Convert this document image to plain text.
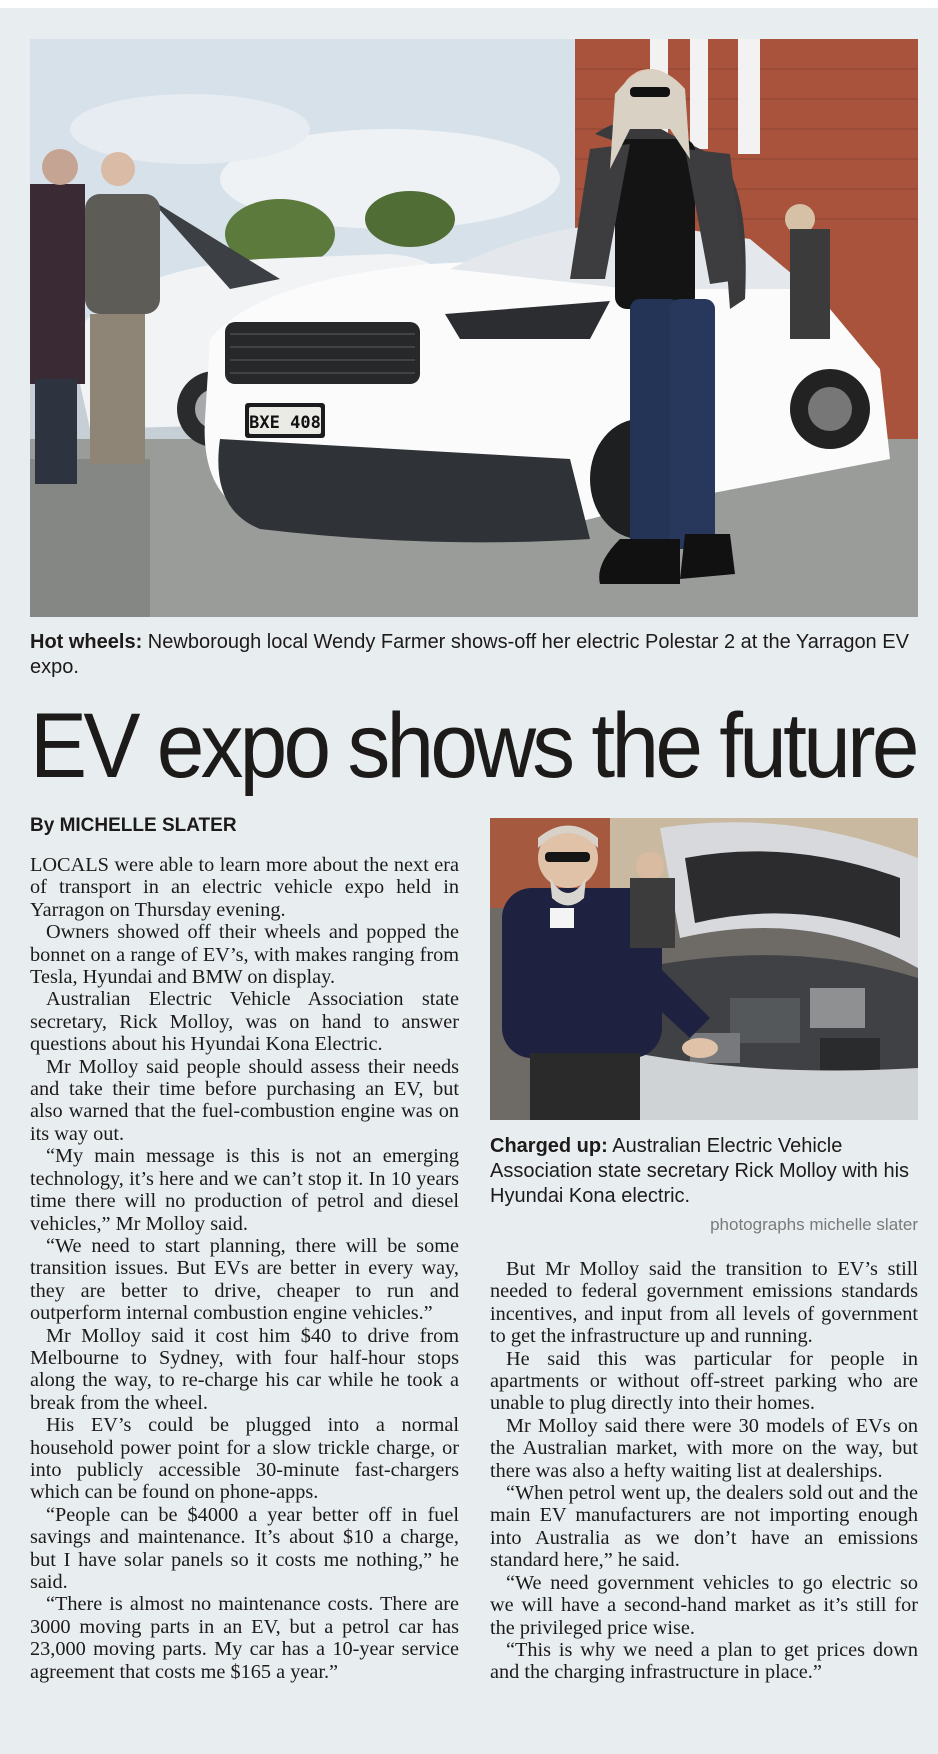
BXE 408
Hot wheels: Newborough local Wendy Farmer shows-off her electric Polestar 2 at the Yarragon EV expo.
EV expo shows the future
By MICHELLE SLATER

LOCALS were able to learn more about the next era of transport in an electric vehicle expo held in Yarragon on Thursday evening.

Owners showed off their wheels and popped the bonnet on a range of EV’s, with makes ranging from Tesla, Hyundai and BMW on display.

Australian Electric Vehicle Association state secretary, Rick Molloy, was on hand to answer questions about his Hyundai Kona Electric.

Mr Molloy said people should assess their needs and take their time before purchasing an EV, but also warned that the fuel-combustion engine was on its way out.

“My main message is this is not an emerging technology, it’s here and we can’t stop it. In 10 years time there will no production of petrol and diesel vehicles,” Mr Molloy said.

“We need to start planning, there will be some transition issues. But EVs are better in every way, they are better to drive, cheaper to run and outperform internal combustion engine vehicles.”

Mr Molloy said it cost him $40 to drive from Melbourne to Sydney, with four half-hour stops along the way, to re-charge his car while he took a break from the wheel.

His EV’s could be plugged into a normal household power point for a slow trickle charge, or into publicly accessible 30-minute fast-chargers which can be found on phone-apps.

“People can be $4000 a year better off in fuel savings and maintenance. It’s about $10 a charge, but I have solar panels so it costs me nothing,” he said.

“There is almost no maintenance costs. There are 3000 moving parts in an EV, but a petrol car has 23,000 moving parts. My car has a 10-year service agreement that costs me $165 a year.”

Charged up: Australian Electric Vehicle Association state secretary Rick Molloy with his Hyundai Kona electric.
photographs michelle slater

But Mr Molloy said the transition to EV’s still needed to federal government emissions standards incentives, and input from all levels of government to get the infrastructure up and running.

He said this was particular for people in apartments or without off-street parking who are unable to plug directly into their homes.

Mr Molloy said there were 30 models of EVs on the Australian market, with more on the way, but there was also a hefty waiting list at dealerships.

“When petrol went up, the dealers sold out and the main EV manufacturers are not importing enough into Australia as we don’t have an emissions standard here,” he said.

“We need government vehicles to go electric so we will have a second-hand market as it’s still for the privileged price wise.

“This is why we need a plan to get prices down and the charging infrastructure in place.”
